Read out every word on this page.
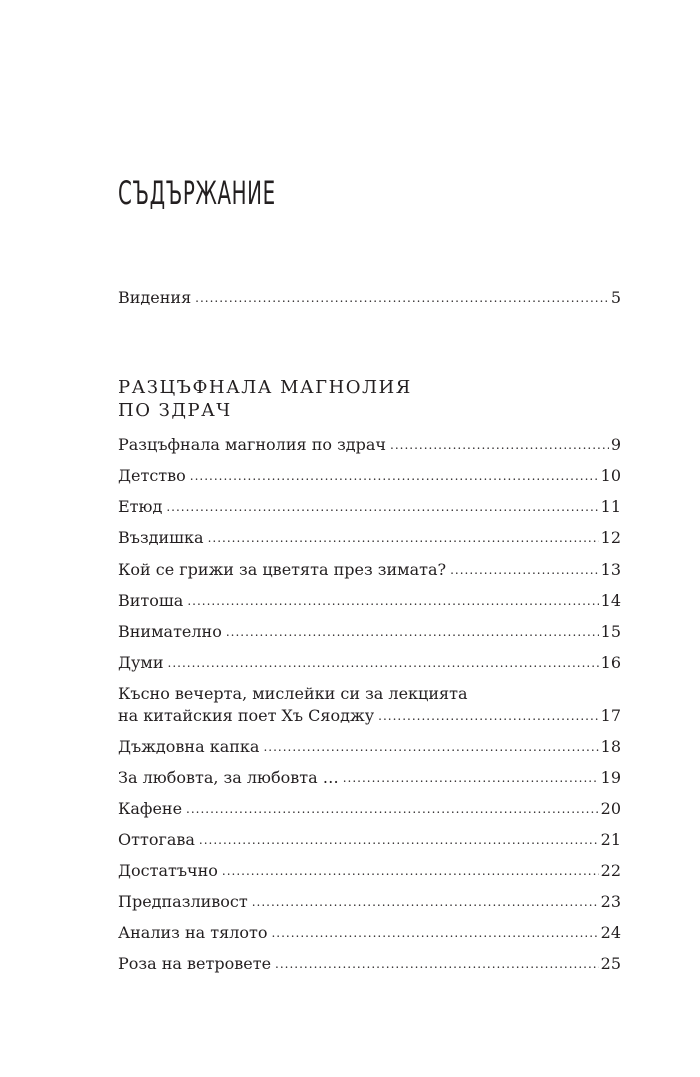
СЪДЪРЖАНИЕ
Видения .....	5
РАЗЦЪФНАЛА МАГНОЛИЯ
ПО ЗДРАЧ
Разцъфнала магнолия по здрач .....	9
Детство .....	10
Етюд .....	11
Въздишка .....	12
Кой се грижи за цветята през зимата? .....	13
Витоша .....	14
Внимателно .....	15
Думи .....	16
Късно вечерта, мислейки си за лекцията
на китайския поет Хъ Сяоджу .....	17
Дъждовна капка .....	18
За любовта, за любовта … .....	19
Кафене .....	20
Оттогава .....	21
Достатъчно .....	22
Предпазливост .....	23
Анализ на тялото .....	24
Роза на ветровете .....	25
